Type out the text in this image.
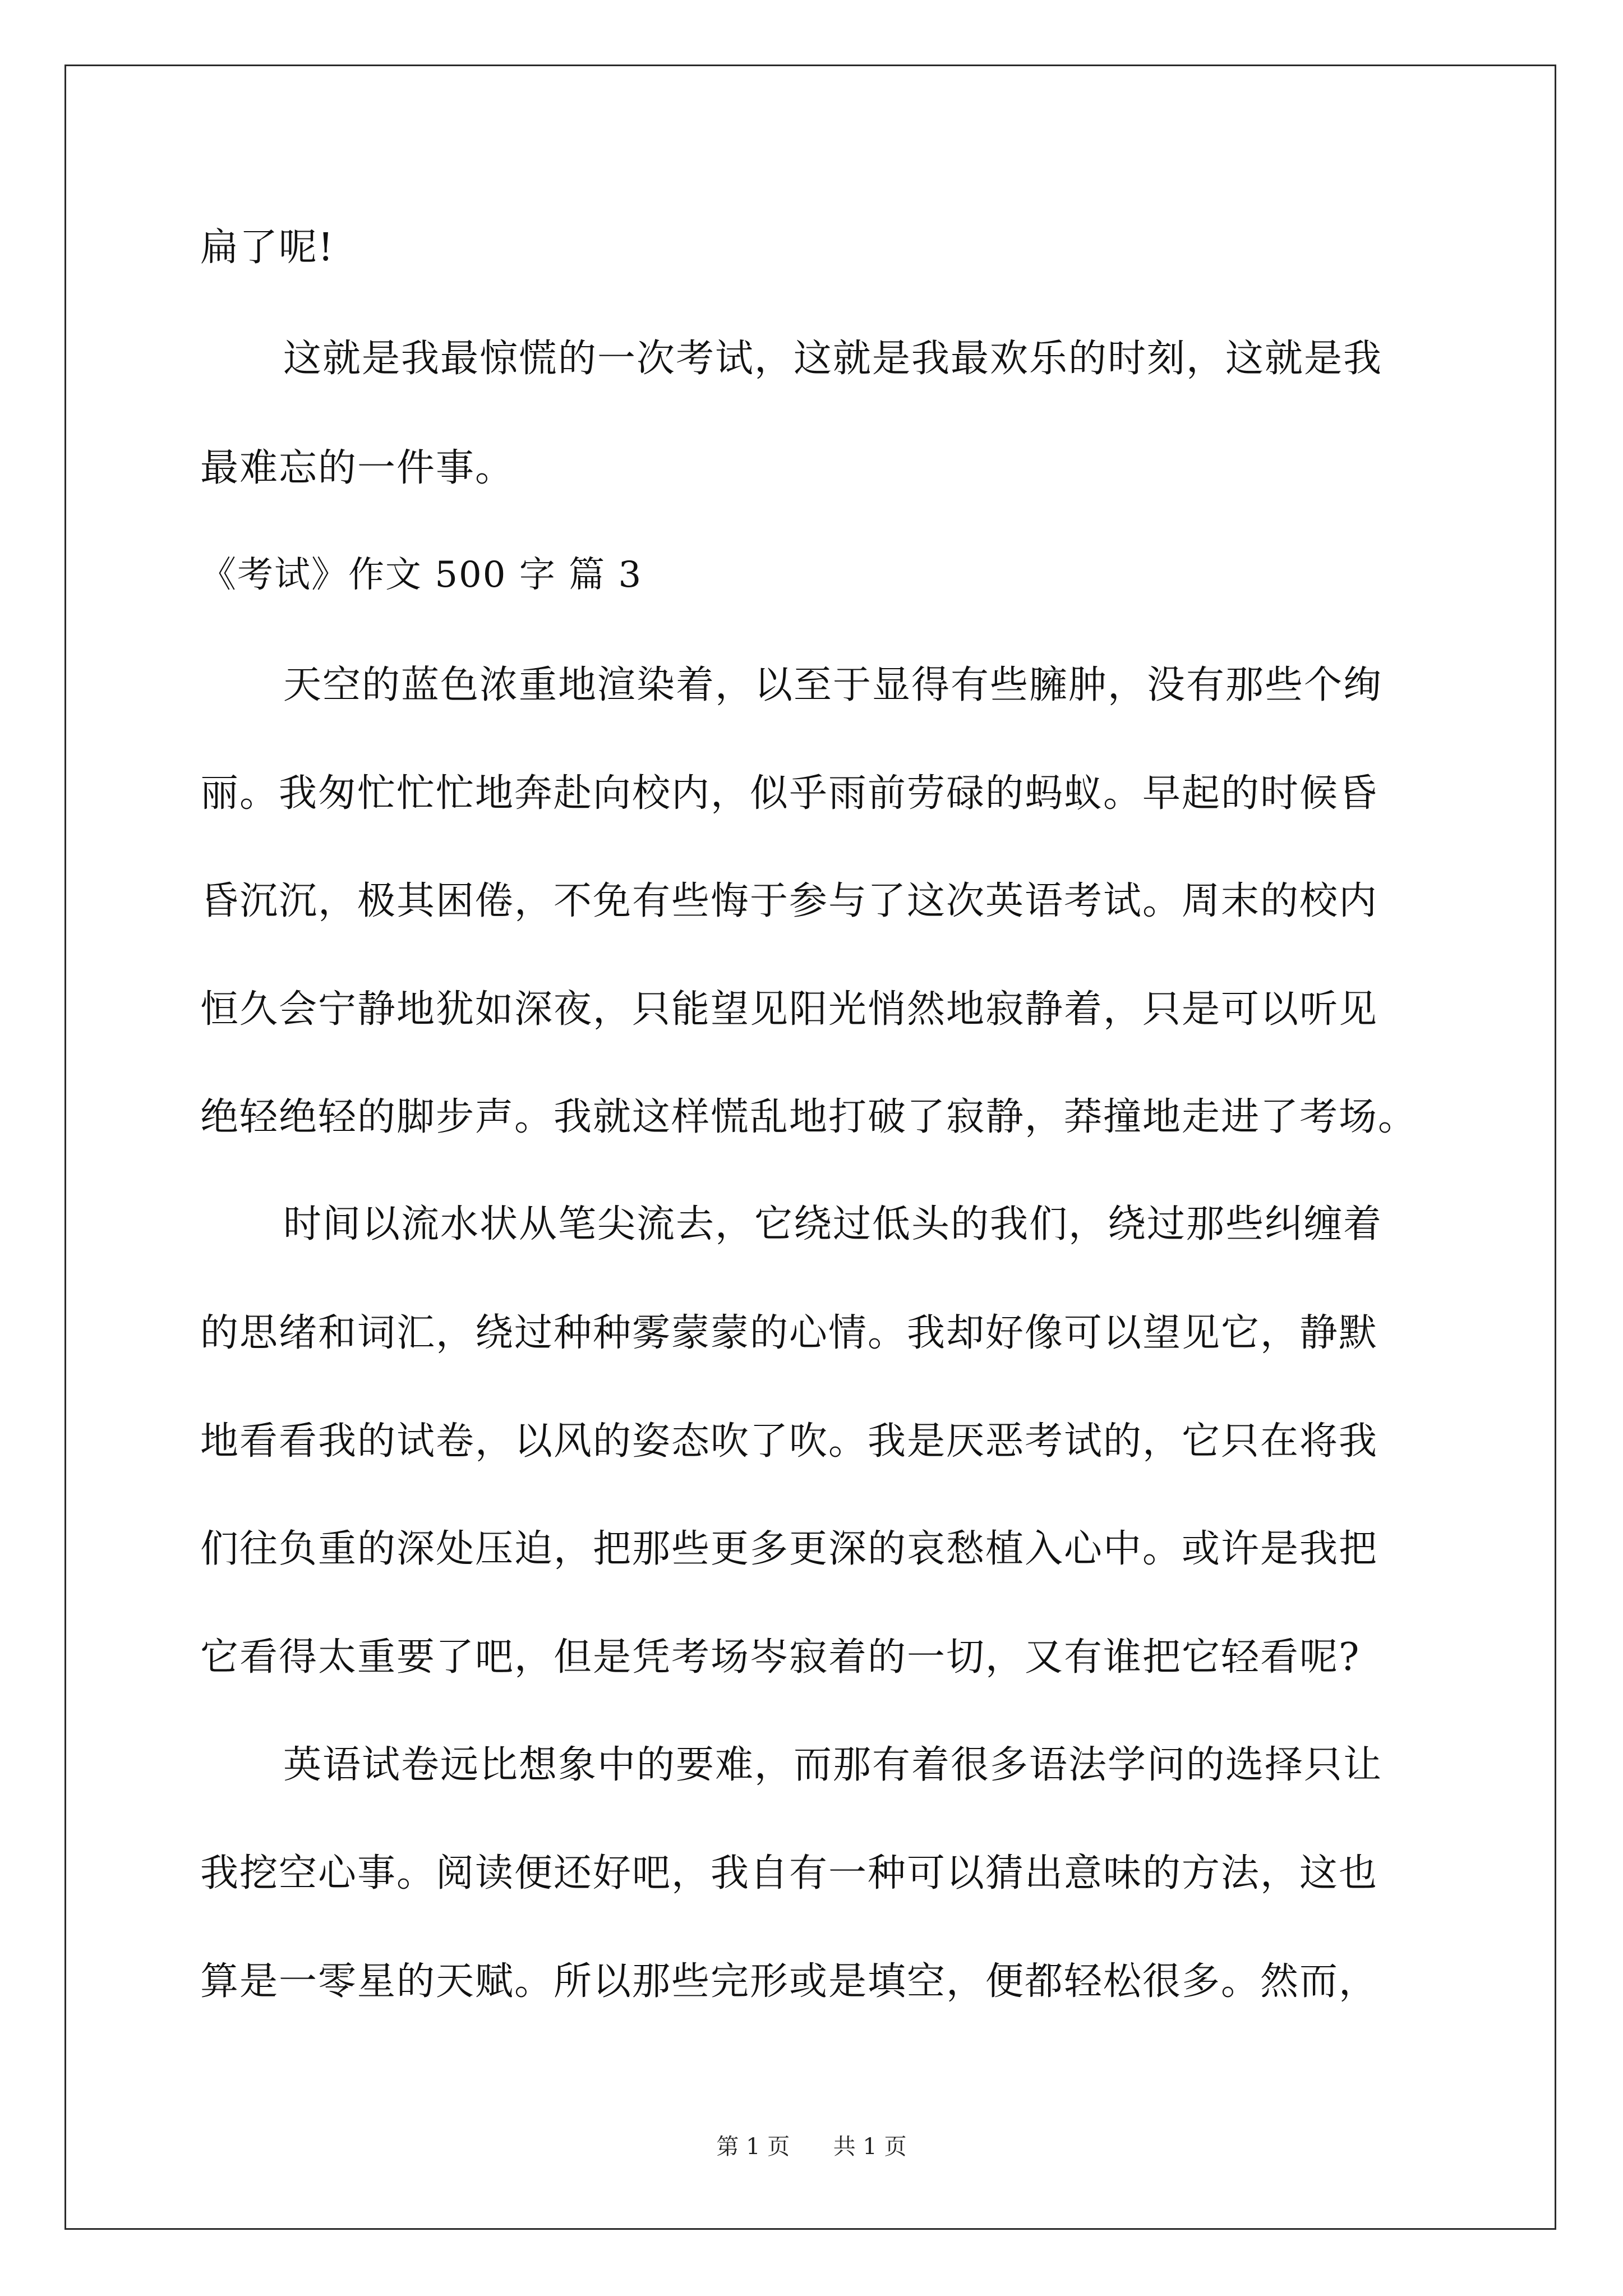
扁了呢!
这就是我最惊慌的一次考试，这就是我最欢乐的时刻，这就是我
最难忘的一件事。
《考试》作文 500 字 篇 3
天空的蓝色浓重地渲染着，以至于显得有些臃肿，没有那些个绚
丽。我匆忙忙忙地奔赴向校内，似乎雨前劳碌的蚂蚁。早起的时候昏
昏沉沉，极其困倦，不免有些悔于参与了这次英语考试。周末的校内
恒久会宁静地犹如深夜，只能望见阳光悄然地寂静着，只是可以听见
绝轻绝轻的脚步声。我就这样慌乱地打破了寂静，莽撞地走进了考场。
时间以流水状从笔尖流去，它绕过低头的我们，绕过那些纠缠着
的思绪和词汇，绕过种种雾蒙蒙的心情。我却好像可以望见它，静默
地看看我的试卷，以风的姿态吹了吹。我是厌恶考试的，它只在将我
们往负重的深处压迫，把那些更多更深的哀愁植入心中。或许是我把
它看得太重要了吧，但是凭考场岑寂着的一切，又有谁把它轻看呢?
英语试卷远比想象中的要难，而那有着很多语法学问的选择只让
我挖空心事。阅读便还好吧，我自有一种可以猜出意味的方法，这也
算是一零星的天赋。所以那些完形或是填空，便都轻松很多。然而，
第 1 页 共 1 页
